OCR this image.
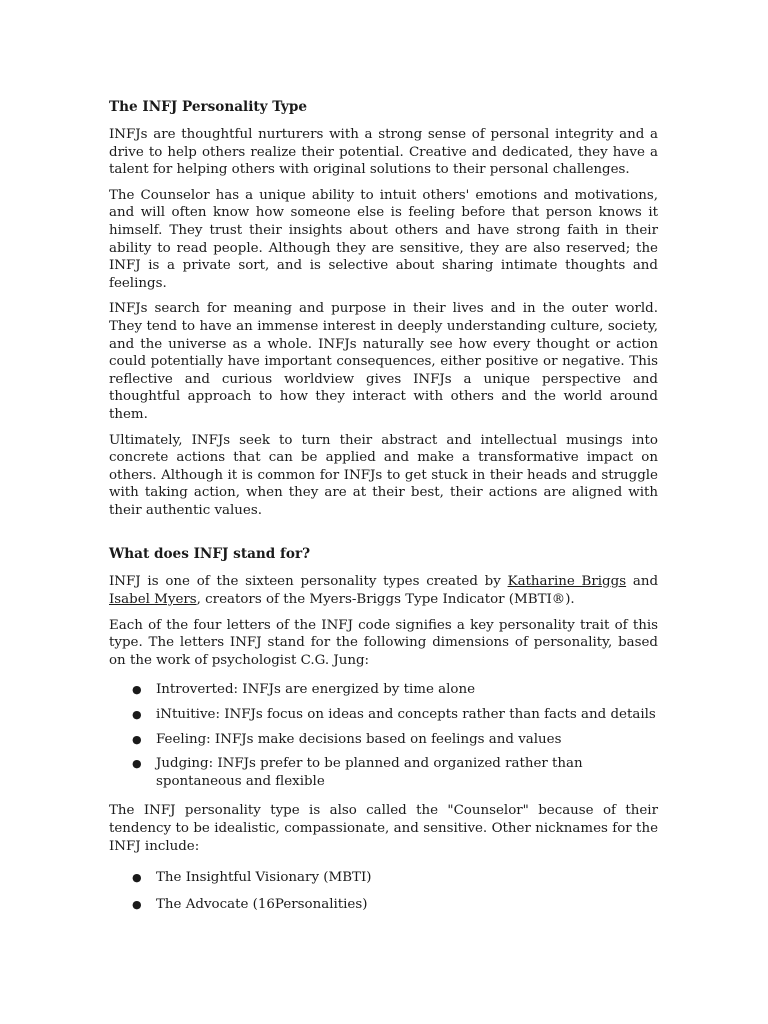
The INFJ Personality Type

INFJs are thoughtful nurturers with a strong sense of personal integrity and a drive to help others realize their potential. Creative and dedicated, they have a talent for helping others with original solutions to their personal challenges.

The Counselor has a unique ability to intuit others' emotions and motivations, and will often know how someone else is feeling before that person knows it himself. They trust their insights about others and have strong faith in their ability to read people. Although they are sensitive, they are also reserved; the INFJ is a private sort, and is selective about sharing intimate thoughts and feelings.

INFJs search for meaning and purpose in their lives and in the outer world. They tend to have an immense interest in deeply understanding culture, society, and the universe as a whole. INFJs naturally see how every thought or action could potentially have important consequences, either positive or negative. This reflective and curious worldview gives INFJs a unique perspective and thoughtful approach to how they interact with others and the world around them.

Ultimately, INFJs seek to turn their abstract and intellectual musings into concrete actions that can be applied and make a transformative impact on others. Although it is common for INFJs to get stuck in their heads and struggle with taking action, when they are at their best, their actions are aligned with their authentic values.

What does INFJ stand for?

INFJ is one of the sixteen personality types created by Katharine Briggs and Isabel Myers, creators of the Myers-Briggs Type Indicator (MBTI®).

Each of the four letters of the INFJ code signifies a key personality trait of this type. The letters INFJ stand for the following dimensions of personality, based on the work of psychologist C.G. Jung:

● Introverted: INFJs are energized by time alone
● iNtuitive: INFJs focus on ideas and concepts rather than facts and details
● Feeling: INFJs make decisions based on feelings and values
● Judging: INFJs prefer to be planned and organized rather than spontaneous and flexible

The INFJ personality type is also called the "Counselor" because of their tendency to be idealistic, compassionate, and sensitive. Other nicknames for the INFJ include:

● The Insightful Visionary (MBTI)
● The Advocate (16Personalities)
